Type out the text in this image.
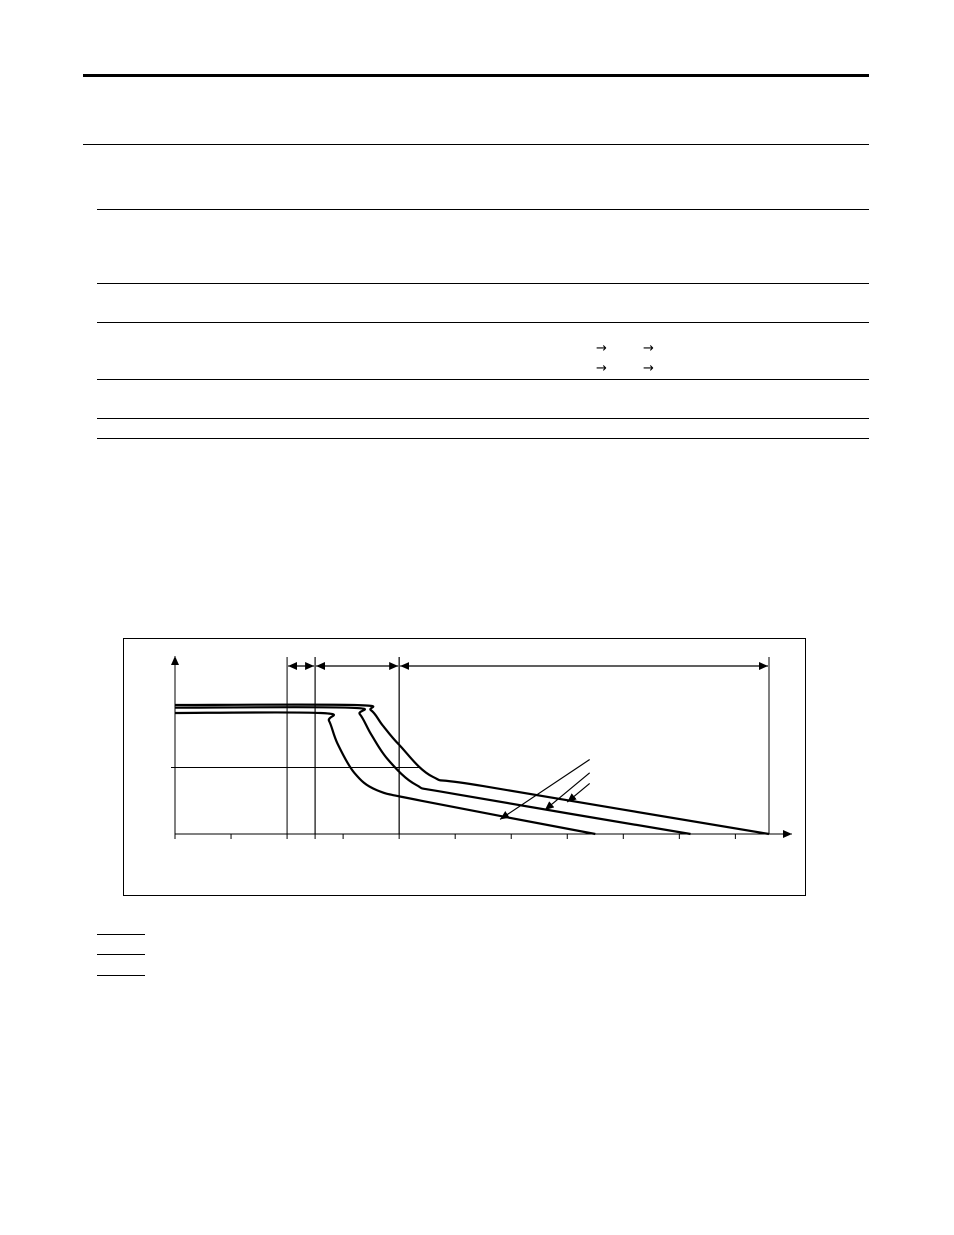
→	→
→	→
